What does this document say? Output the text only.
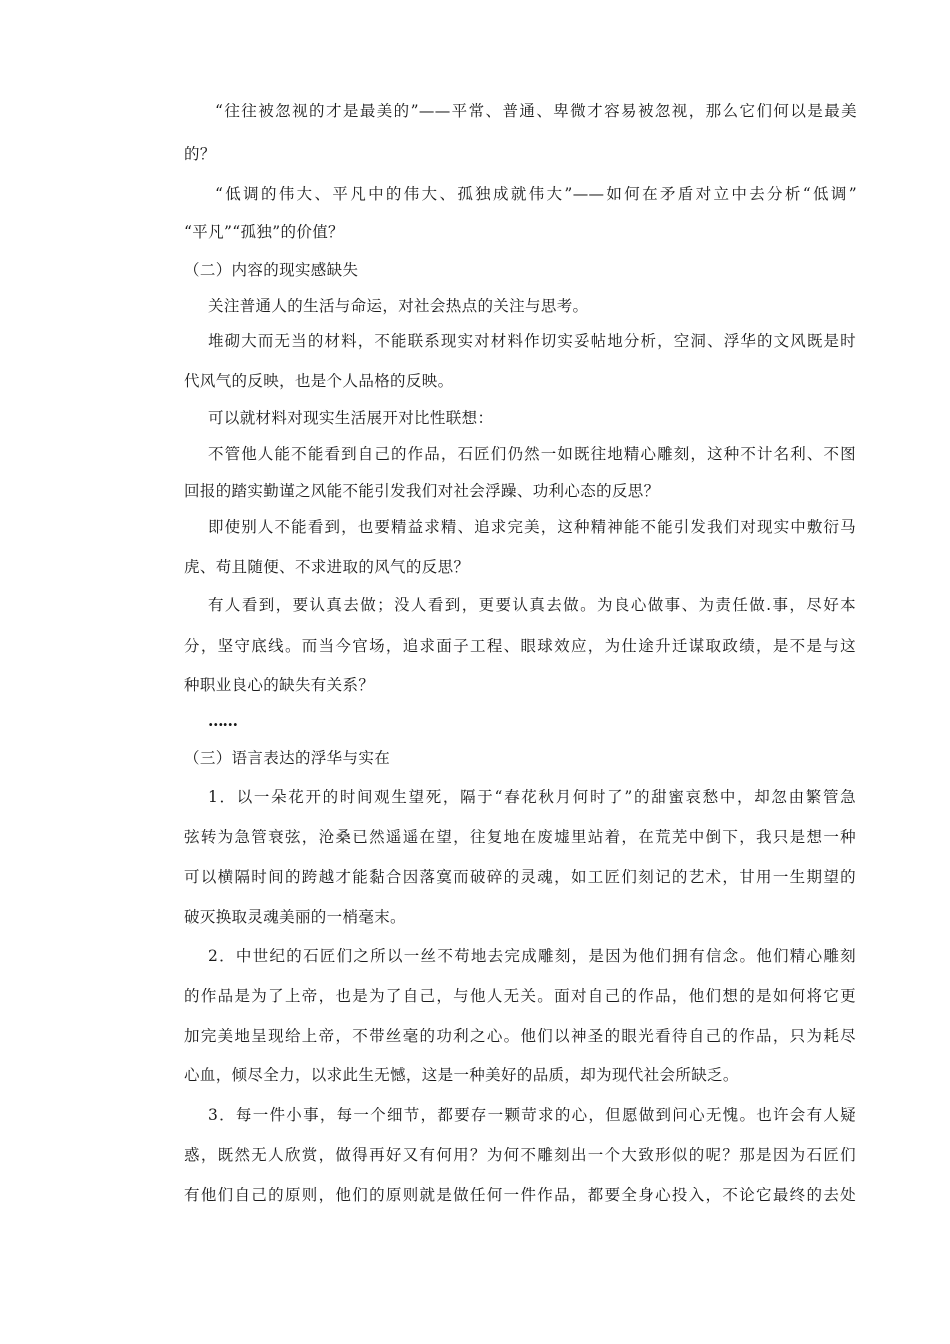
“往往被忽视的才是最美的”——平常、普通、卑微才容易被忽视，那么它们何以是最美
的？
“低调的伟大、平凡中的伟大、孤独成就伟大”——如何在矛盾对立中去分析“低调”
“平凡”“孤独”的价值？
（二）内容的现实感缺失
关注普通人的生活与命运，对社会热点的关注与思考。
堆砌大而无当的材料，不能联系现实对材料作切实妥帖地分析，空洞、浮华的文风既是时
代风气的反映，也是个人品格的反映。
可以就材料对现实生活展开对比性联想：
不管他人能不能看到自己的作品，石匠们仍然一如既往地精心雕刻，这种不计名利、不图
回报的踏实勤谨之风能不能引发我们对社会浮躁、功利心态的反思？
即使别人不能看到，也要精益求精、追求完美，这种精神能不能引发我们对现实中敷衍马
虎、苟且随便、不求进取的风气的反思？
有人看到，要认真去做；没人看到，更要认真去做。为良心做事、为责任做.事，尽好本
分，坚守底线。而当今官场，追求面子工程、眼球效应，为仕途升迁谋取政绩，是不是与这
种职业良心的缺失有关系？
……
（三）语言表达的浮华与实在
1．以一朵花开的时间观生望死，隔于“春花秋月何时了”的甜蜜哀愁中，却忽由繁管急
弦转为急管衰弦，沧桑已然遥遥在望，往复地在废墟里站着，在荒芜中倒下，我只是想一种
可以横隔时间的跨越才能黏合因落寞而破碎的灵魂，如工匠们刻记的艺术，甘用一生期望的
破灭换取灵魂美丽的一梢毫末。
2．中世纪的石匠们之所以一丝不苟地去完成雕刻，是因为他们拥有信念。他们精心雕刻
的作品是为了上帝，也是为了自己，与他人无关。面对自己的作品，他们想的是如何将它更
加完美地呈现给上帝，不带丝毫的功利之心。他们以神圣的眼光看待自己的作品，只为耗尽
心血，倾尽全力，以求此生无憾，这是一种美好的品质，却为现代社会所缺乏。
3．每一件小事，每一个细节，都要存一颗苛求的心，但愿做到问心无愧。也许会有人疑
惑，既然无人欣赏，做得再好又有何用？为何不雕刻出一个大致形似的呢？那是因为石匠们
有他们自己的原则，他们的原则就是做任何一件作品，都要全身心投入，不论它最终的去处
